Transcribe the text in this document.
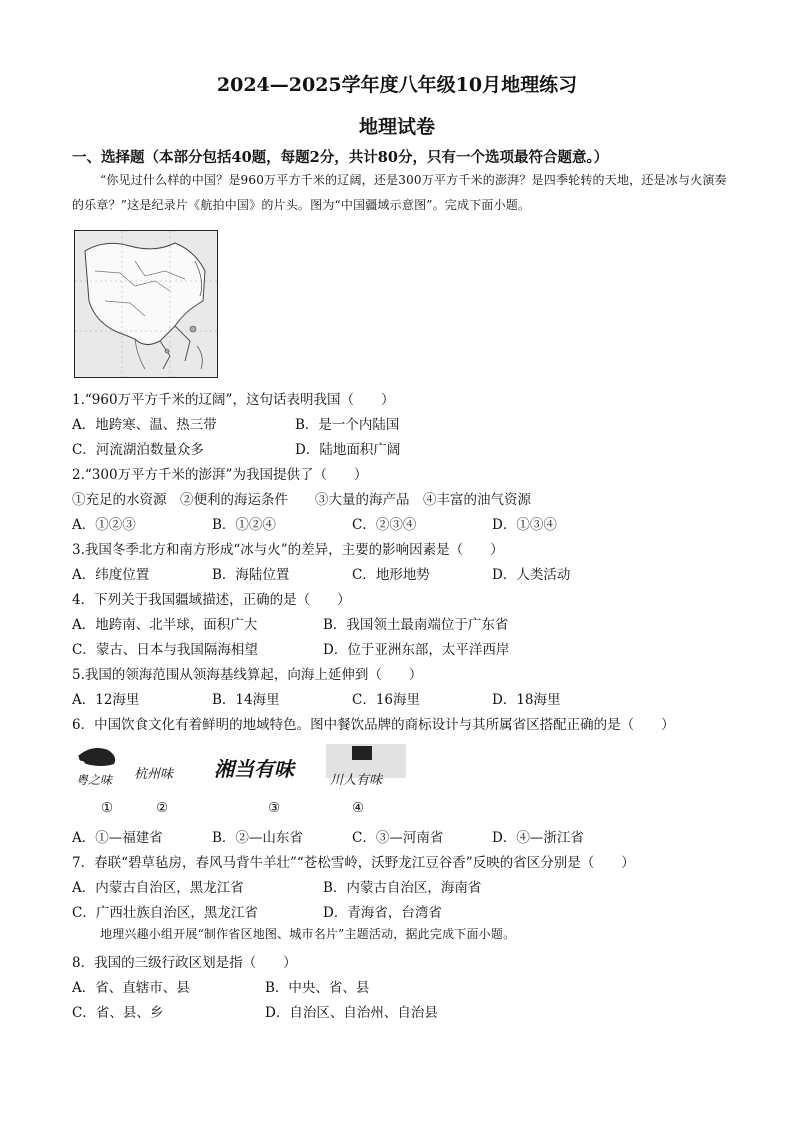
2024—2025学年度八年级10月地理练习
地理试卷
一、选择题（本部分包括40题，每题2分，共计80分，只有一个选项最符合题意。）
“你见过什么样的中国？是960万平方千米的辽阔，还是300万平方千米的澎湃？是四季轮转的天地，还是冰与火演奏的乐章？”这是纪录片《航拍中国》的片头。图为“中国疆域示意图”。完成下面小题。
1.“960万平方千米的辽阔”，这句话表明我国（　　）
A．地跨寒、温、热三带	B．是一个内陆国
C．河流湖泊数量众多	D．陆地面积广阔
2.“300万平方千米的澎湃”为我国提供了（　　）
①充足的水资源　②便利的海运条件　　③大量的海产品　④丰富的油气资源
A．①②③	B．①②④	C．②③④	D．①③④
3.我国冬季北方和南方形成“冰与火”的差异，主要的影响因素是（　　）
A．纬度位置	B．海陆位置	C．地形地势	D．人类活动
4．下列关于我国疆域描述，正确的是（　　）
A．地跨南、北半球，面积广大	B．我国领土最南端位于广东省
C．蒙古、日本与我国隔海相望	D．位于亚洲东部，太平洋西岸
5.我国的领海范围从领海基线算起，向海上延伸到（　　）
A．12海里	B．14海里	C．16海里	D．18海里
6．中国饮食文化有着鲜明的地域特色。图中餐饮品牌的商标设计与其所属省区搭配正确的是（　　）
粤之味 杭州味 湘当有味	川人有味
①	②	③	④
A．①—福建省	B．②—山东省	C．③—河南省	D．④—浙江省
7．春联“碧草毡房，春风马背牛羊壮”“苍松雪岭，沃野龙江豆谷香”反映的省区分别是（　　）
A．内蒙古自治区，黑龙江省	B．内蒙古自治区，海南省
C．广西壮族自治区，黑龙江省	D．青海省，台湾省
地理兴趣小组开展“制作省区地图、城市名片”主题活动，据此完成下面小题。
8．我国的三级行政区划是指（　　）
A．省、直辖市、县	B．中央、省、县
C．省、县、乡	D．自治区、自治州、自治县
